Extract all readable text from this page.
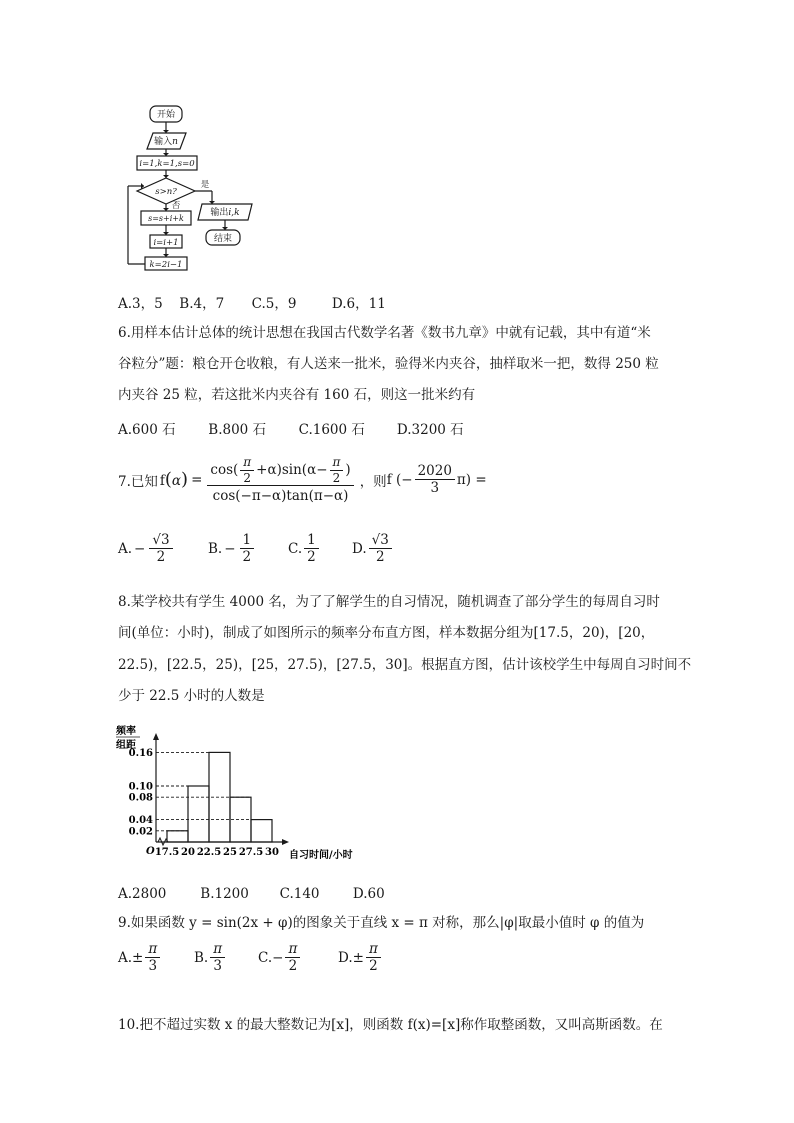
开始
输入n
i=1,k=1,s=0
s>n?
是
否
s=s+i+k
i=i+1
k=2i−1
输出i,k
结束
A.3，5 B.4，7 C.5，9	D.6，11
6.用样本估计总体的统计思想在我国古代数学名著《数书九章》中就有记载，其中有道“米
谷粒分”题：粮仓开仓收粮，有人送来一批米，验得米内夹谷，抽样取米一把，数得 250 粒
内夹谷 25 粒，若这批米内夹谷有 160 石，则这一批米约有
A.600 石 B.800 石 C.1600 石 D.3200 石
7.已知 $f(\alpha) = \frac{\cos( \frac{\pi}{2} +\alpha)\sin(\alpha- \frac{\pi}{2} )}{\cos(-\pi-\alpha)\tan(\pi-\alpha)}$ ，则 f (− $\frac{2020}{3} \pi$) =
A. − $\frac{√3}{2}$	B. − $\frac{1}{2}$	C. $\frac{1}{2} D$. $\frac{√3}{2}$
8.某学校共有学生 4000 名，为了了解学生的自习情况，随机调查了部分学生的每周自习时
间(单位：小时)，制成了如图所示的频率分布直方图，样本数据分组为[17.5，20)，[20，
22.5)，[22.5，25)，[25，27.5)，[27.5，30]。根据直方图，估计该校学生中每周自习时间不
少于 22.5 小时的人数是
频率
组距
O	自习时间/小时
0.16
0.10
0.08
0.04
0.02
17.5 20 22.5 25 27.5 30
A.2800	B.1200 C.140 D.60
9.如果函数 y = sin(2x + φ)的图象关于直线 x = π 对称，那么|φ|取最小值时 φ 的值为
$A.\pm \frac{\pi}{3}$	B. $\frac{\pi}{3} C.- \frac{\pi}{2}$	$D.\pm \frac{\pi}{2}$
10.把不超过实数 x 的最大整数记为[x]，则函数 f(x)=[x]称作取整函数，又叫高斯函数。在
